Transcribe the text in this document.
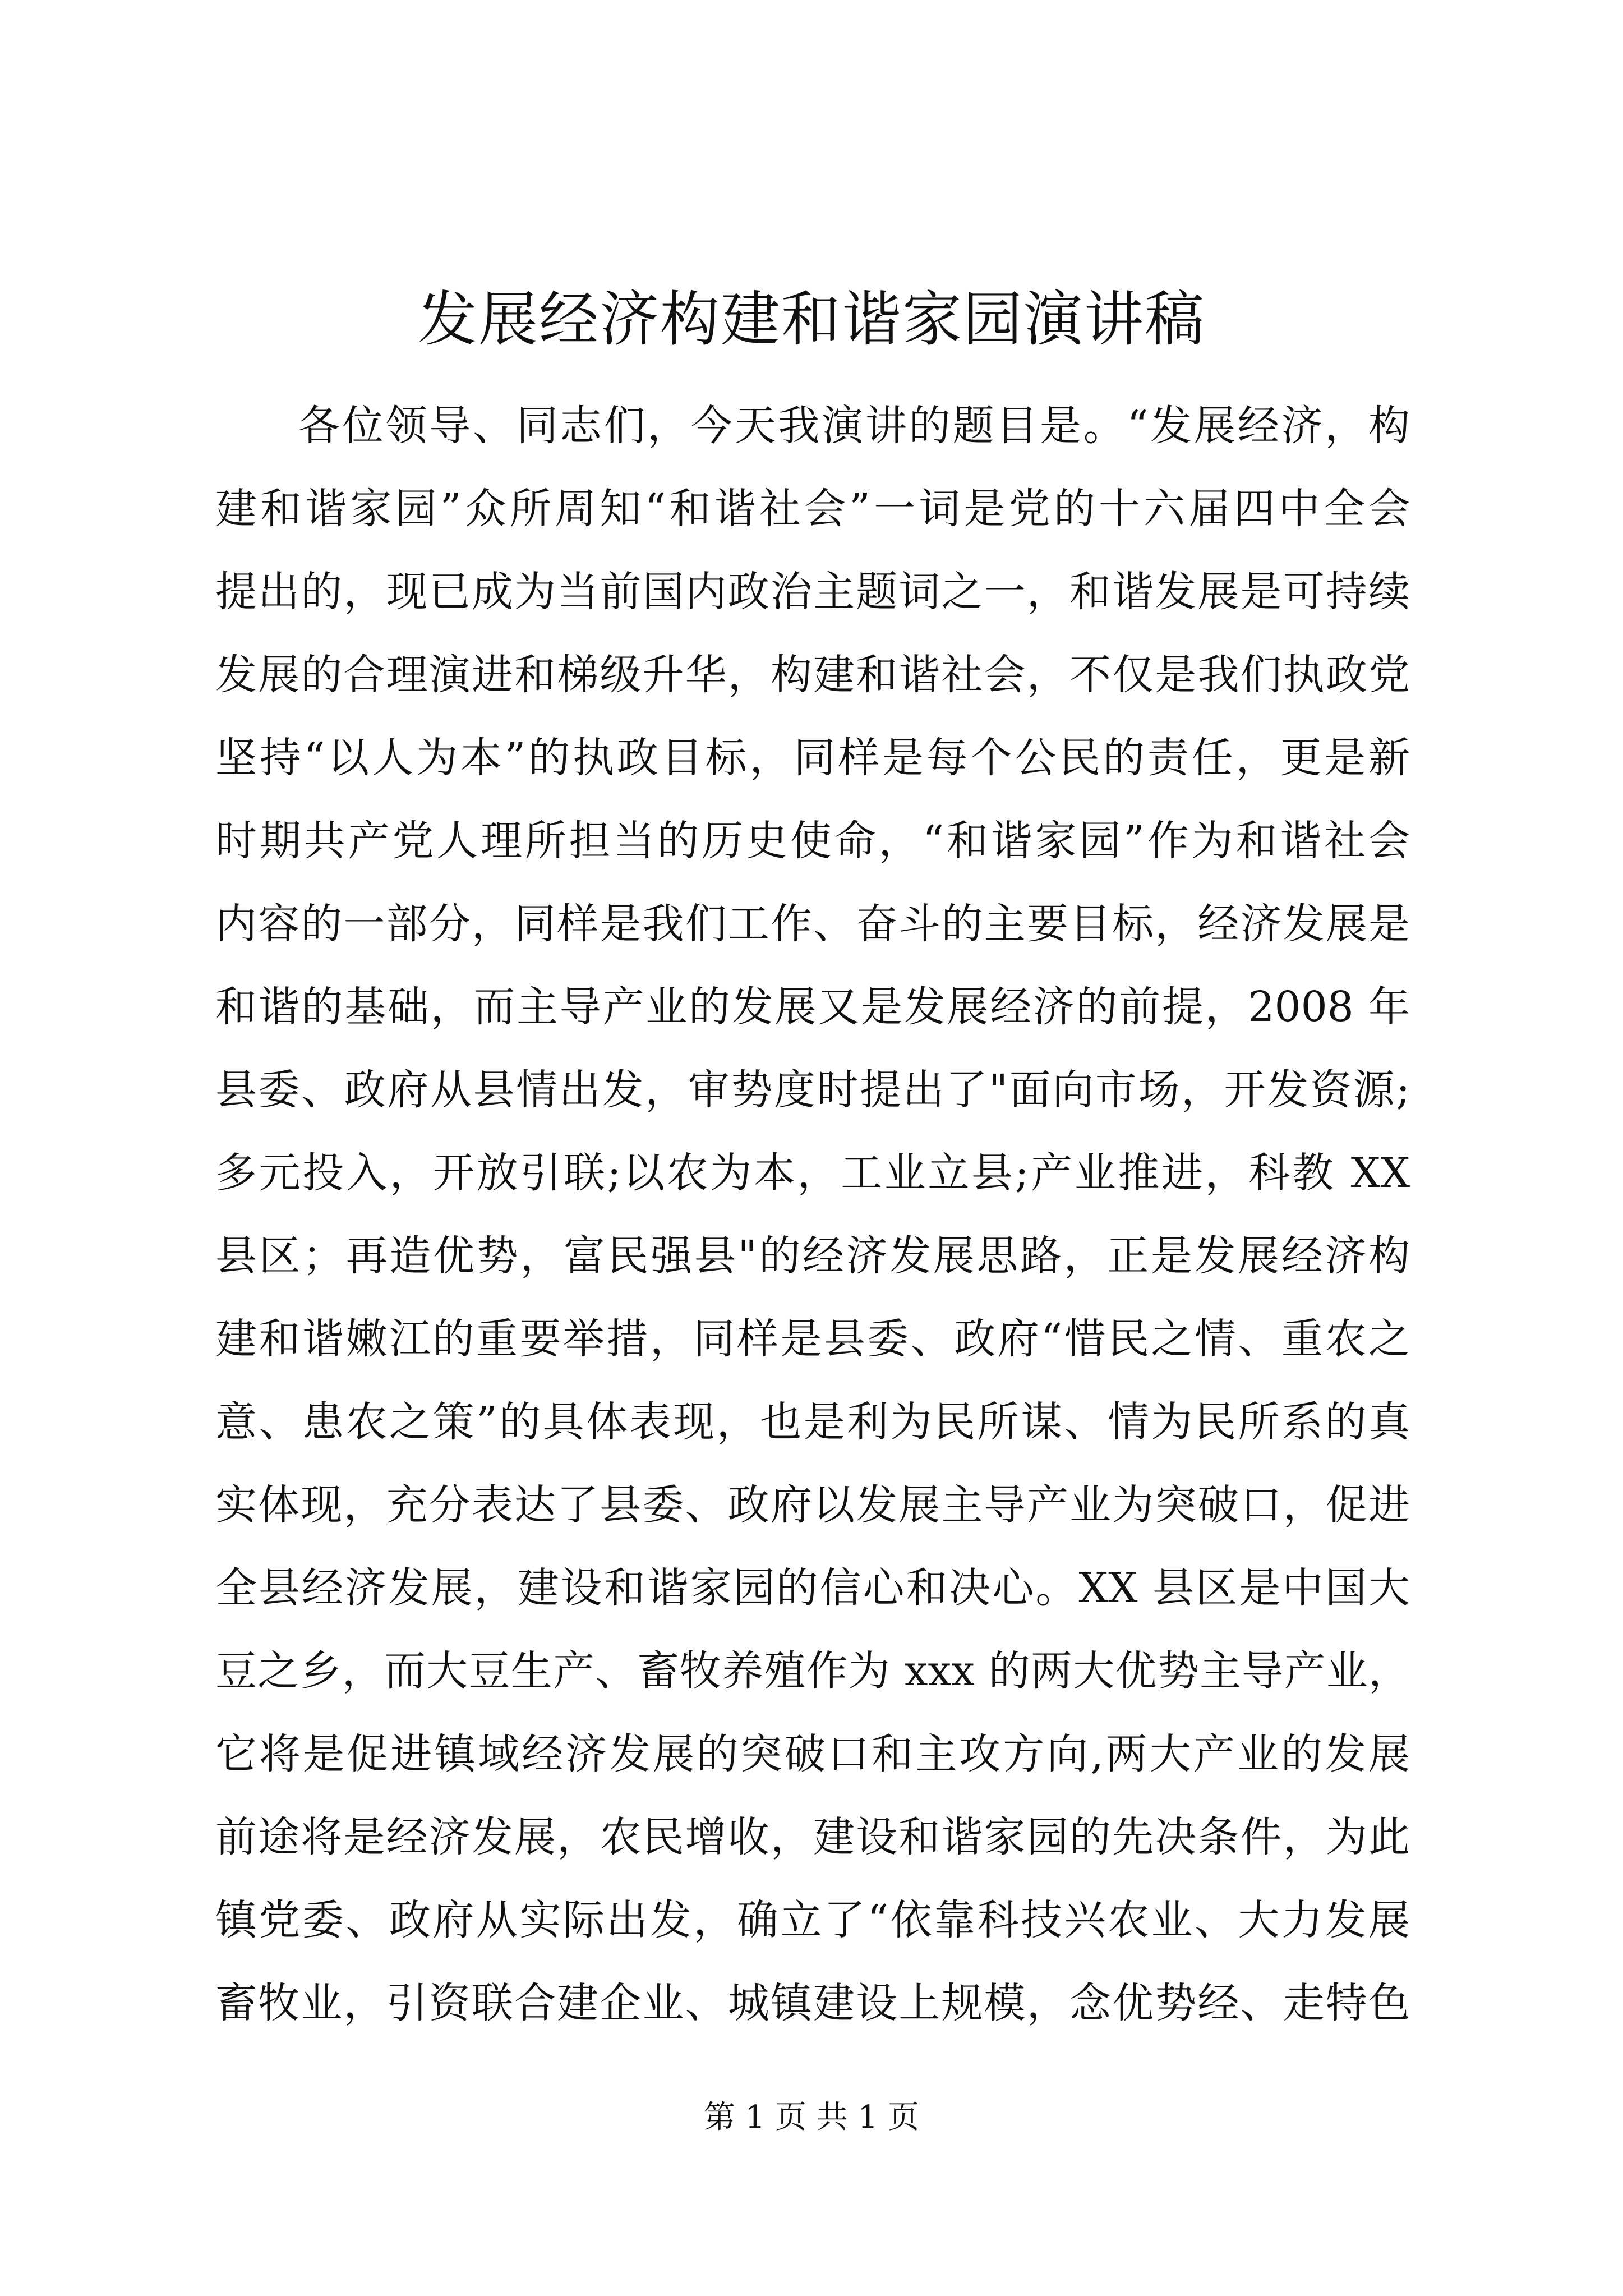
发展经济构建和谐家园演讲稿
各位领导、同志们，今天我演讲的题目是。“发展经济，构
建和谐家园”众所周知“和谐社会”一词是党的十六届四中全会
提出的，现已成为当前国内政治主题词之一，和谐发展是可持续
发展的合理演进和梯级升华，构建和谐社会，不仅是我们执政党
坚持“以人为本”的执政目标，同样是每个公民的责任，更是新
时期共产党人理所担当的历史使命，“和谐家园”作为和谐社会
内容的一部分，同样是我们工作、奋斗的主要目标，经济发展是
和谐的基础，而主导产业的发展又是发展经济的前提，2008 年
县委、政府从县情出发，审势度时提出了"面向市场，开发资源;
多元投入，开放引联;以农为本，工业立县;产业推进，科教 XX
县区；再造优势，富民强县"的经济发展思路，正是发展经济构
建和谐嫩江的重要举措，同样是县委、政府“惜民之情、重农之
意、患农之策”的具体表现，也是利为民所谋、情为民所系的真
实体现，充分表达了县委、政府以发展主导产业为突破口，促进
全县经济发展，建设和谐家园的信心和决心。XX 县区是中国大
豆之乡，而大豆生产、畜牧养殖作为 xxx 的两大优势主导产业，
它将是促进镇域经济发展的突破口和主攻方向,两大产业的发展
前途将是经济发展，农民增收，建设和谐家园的先决条件，为此
镇党委、政府从实际出发，确立了“依靠科技兴农业、大力发展
畜牧业，引资联合建企业、城镇建设上规模，念优势经、走特色
第 1 页 共 1 页
